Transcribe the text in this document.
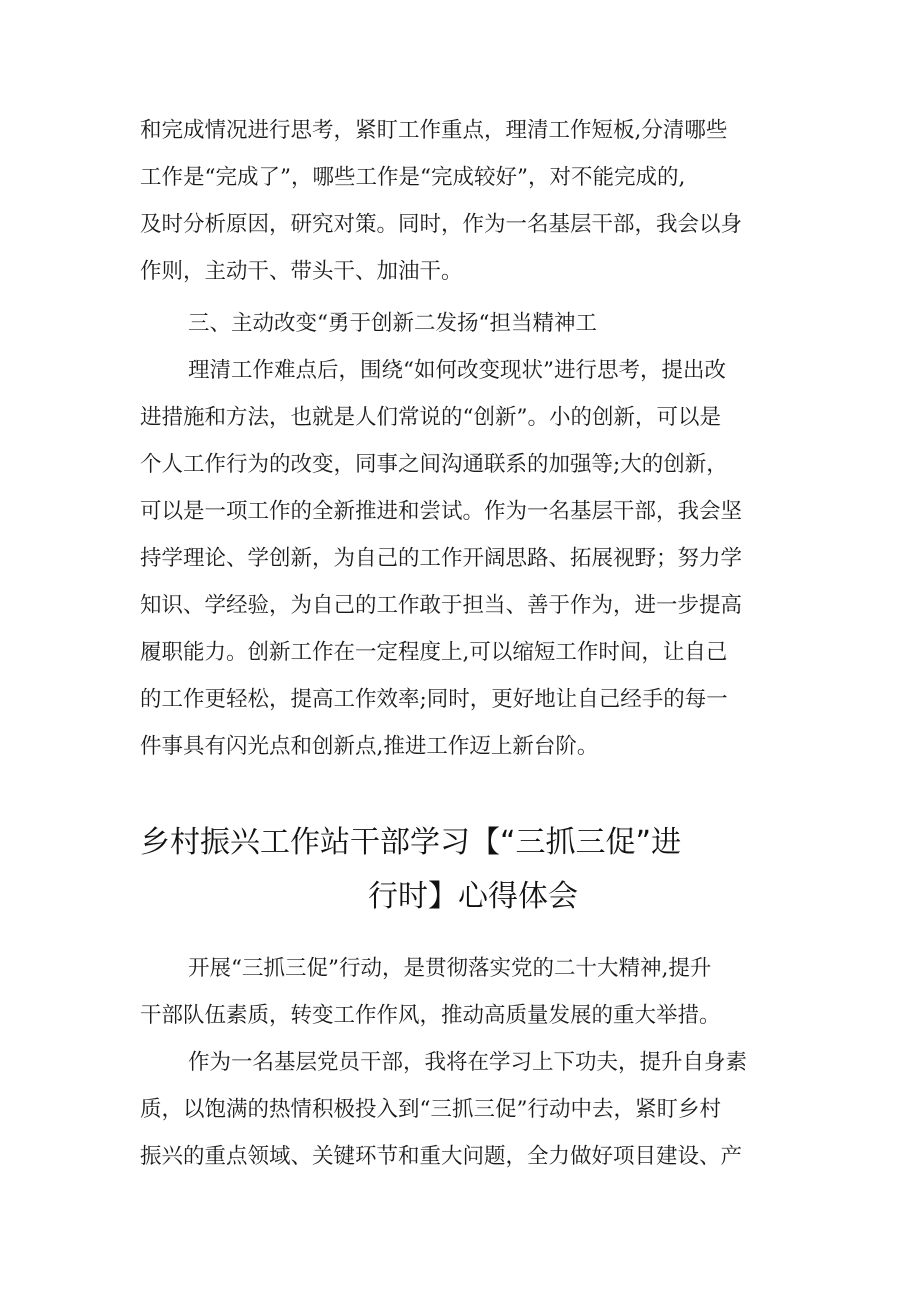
和完成情况进行思考，紧盯工作重点，理清工作短板,分清哪些
工作是“完成了”，哪些工作是“完成较好”，对不能完成的,
及时分析原因，研究对策。同时，作为一名基层干部，我会以身
作则，主动干、带头干、加油干。
三、主动改变“勇于创新二发扬“担当精神工
理清工作难点后，围绕“如何改变现状”进行思考，提出改
进措施和方法，也就是人们常说的“创新”。小的创新，可以是
个人工作行为的改变，同事之间沟通联系的加强等;大的创新，
可以是一项工作的全新推进和尝试。作为一名基层干部，我会坚
持学理论、学创新，为自己的工作开阔思路、拓展视野；努力学
知识、学经验，为自己的工作敢于担当、善于作为，进一步提高
履职能力。创新工作在一定程度上,可以缩短工作时间，让自己
的工作更轻松，提高工作效率;同时，更好地让自己经手的每一
件事具有闪光点和创新点,推进工作迈上新台阶。
乡村振兴工作站干部学习【“三抓三促”进
行时】心得体会
开展“三抓三促”行动，是贯彻落实党的二十大精神,提升
干部队伍素质，转变工作作风，推动高质量发展的重大举措。
作为一名基层党员干部，我将在学习上下功夫，提升自身素
质，以饱满的热情积极投入到“三抓三促”行动中去，紧盯乡村
振兴的重点领域、关键环节和重大问题，全力做好项目建设、产
